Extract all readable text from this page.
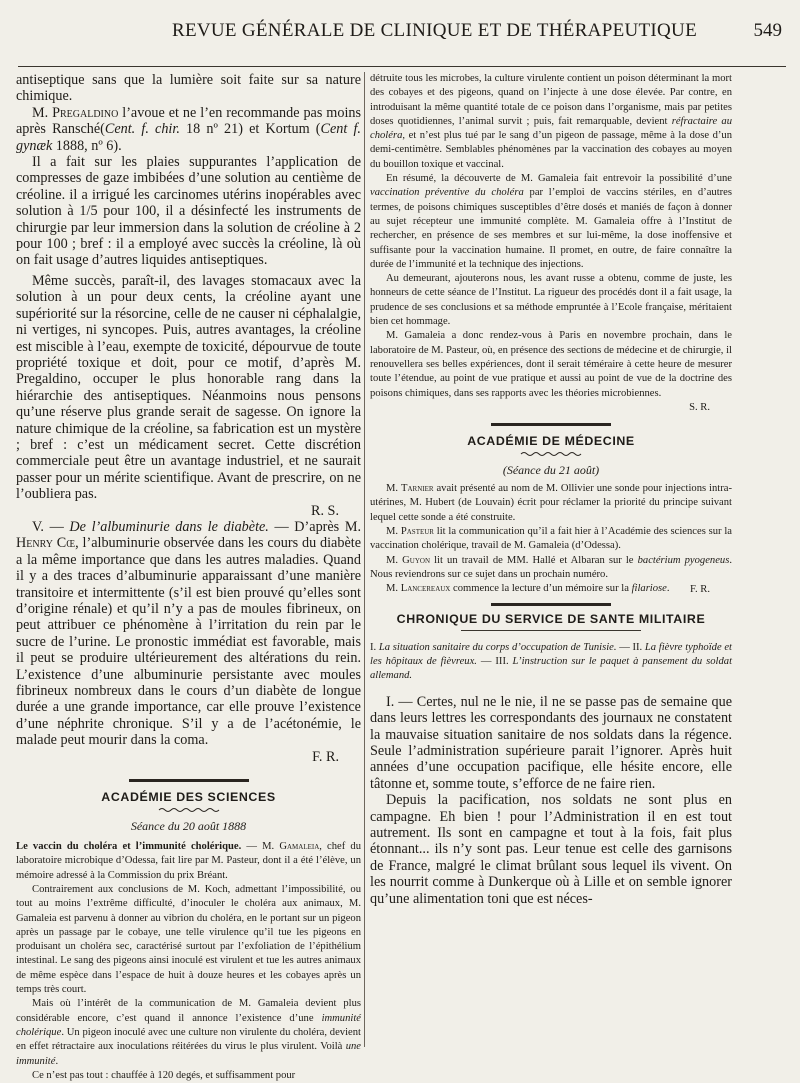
REVUE GÉNÉRALE DE CLINIQUE ET DE THÉRAPEUTIQUE	549

antiseptique sans que la lumière soit faite sur sa nature chimique.

M. Pregaldino l’avoue et ne l’en recommande pas moins après Ransché(Cent. f. chir. 18 nº 21) et Kortum (Cent f. gynæk 1888, nº 6).

Il a fait sur les plaies suppurantes l’application de compresses de gaze imbibées d’une solution au centième de créoline. il a irrigué les carcinomes utérins inopérables avec solution à 1/5 pour 100, il a désinfecté les instruments de chirurgie par leur immersion dans la solution de créoline à 2 pour 100 ; bref : il a employé avec succès la créoline, là où on fait usage d’autres liquides antiseptiques.

Même succès, paraît-il, des lavages stomacaux avec la solution à un pour deux cents, la créoline ayant une supériorité sur la résorcine, celle de ne causer ni céphalalgie, ni vertiges, ni syncopes. Puis, autres avantages, la créoline est miscible à l’eau, exempte de toxicité, dépourvue de toute propriété toxique et doit, pour ce motif, d’après M. Pregaldino, occuper le plus honorable rang dans la hiérarchie des antiseptiques. Néanmoins nous pensons qu’une réserve plus grande serait de sagesse. On ignore la nature chimique de la créoline, sa fabrication est un mystère ; bref : c’est un médicament secret. Cette discrétion commerciale peut être un avantage industriel, et ne saurait passer pour un mérite scientifique. Avant de prescrire, on ne l’oubliera pas.

R. S.

V. — De l’albuminurie dans le diabète. — D’après M. Henry Cœ, l’albuminurie observée dans les cours du diabète a la même importance que dans les autres maladies. Quand il y a des traces d’albuminurie apparaissant d’une manière transitoire et intermittente (s’il est bien prouvé qu’elles sont d’origine rénale) et qu’il n’y a pas de moules fibrineux, on peut attribuer ce phénomène à l’irritation du rein par le sucre de l’urine. Le pronostic immédiat est favorable, mais il peut se produire ultérieurement des altérations du rein. L’existence d’une albuminurie persistante avec moules fibrineux nombreux dans le cours d’un diabète de longue durée a une grande importance, car elle prouve l’existence d’une néphrite chronique. S’il y a de l’acétonémie, le malade peut mourir dans la coma.

F. R.

ACADÉMIE DES SCIENCES

Séance du 20 août 1888

Le vaccin du choléra et l’immunité cholérique. — M. Gamaleia, chef du laboratoire microbique d’Odessa, fait lire par M. Pasteur, dont il a été l’élève, un mémoire adressé à la Commission du prix Bréant.

Contrairement aux conclusions de M. Koch, admettant l’impossibilité, ou tout au moins l’extrême difficulté, d’inoculer le choléra aux animaux, M. Gamaleia est parvenu à donner au vibrion du choléra, en le portant sur un pigeon après un passage par le cobaye, une telle virulence qu’il tue les pigeons en produisant un choléra sec, caractérisé surtout par l’exfoliation de l’épithélium intestinal. Le sang des pigeons ainsi inoculé est virulent et tue les autres animaux de même espèce dans l’espace de huit à douze heures et les cobayes après un temps très court.

Mais où l’intérêt de la communication de M. Gamaleia devient plus considérable encore, c’est quand il annonce l’existence d’une immunité cholérique. Un pigeon inoculé avec une culture non virulente du choléra, devient en effet rétractaire aux inoculations réitérées du virus le plus virulent. Voilà une immunité.

Ce n’est pas tout : chauffée à 120 degés, et suffisamment pour

détruite tous les microbes, la culture virulente contient un poison déterminant la mort des cobayes et des pigeons, quand on l’injecte à une dose élevée. Par contre, en introduisant la même quantité totale de ce poison dans l’organisme, mais par petites doses quotidiennes, l’animal survit ; puis, fait remarquable, devient réfractaire au choléra, et n’est plus tué par le sang d’un pigeon de passage, même à la dose d’un demi-centimètre. Semblables phénomènes par la vaccination des cobayes au moyen du bouillon toxique et vaccinal.

En résumé, la découverte de M. Gamaleia fait entrevoir la possibilité d’une vaccination préventive du choléra par l’emploi de vaccins stériles, en d’autres termes, de poisons chimiques susceptibles d’être dosés et maniés de façon à donner au sujet récepteur une immunité complète. M. Gamaleia offre à l’Institut de rechercher, en présence de ses membres et sur lui-même, la dose inoffensive et suffisante pour la vaccination humaine. Il promet, en outre, de faire connaître la durée de l’immunité et la technique des injections.

Au demeurant, ajouterons nous, les avant russe a obtenu, comme de juste, les honneurs de cette séance de l’Institut. La rigueur des procédés dont il a fait usage, la prudence de ses conclusions et sa méthode empruntée à l’Ecole française, méritaient bien cet hommage.

M. Gamaleia a donc rendez-vous à Paris en novembre prochain, dans le laboratoire de M. Pasteur, où, en présence des sections de médecine et de chirurgie, il renouvellera ses belles expériences, dont il serait téméraire à cette heure de mesurer toute l’étendue, au point de vue pratique et aussi au point de vue de la doctrine des poisons chimiques, dans ses rapports avec les théories microbiennes.

S. R.

ACADÉMIE DE MÉDECINE

(Séance du 21 août)

M. Tarnier avait présenté au nom de M. Ollivier une sonde pour injections intra-utérines, M. Hubert (de Louvain) écrit pour réclamer la priorité du principe suivant lequel cette sonde a été construite.

M. Pasteur lit la communication qu’il a fait hier à l’Académie des sciences sur la vaccination cholérique, travail de M. Gamaleia (d’Odessa).

M. Guyon lit un travail de MM. Hallé et Albaran sur le bactérium pyogeneus. Nous reviendrons sur ce sujet dans un prochain numéro.

M. Lancereaux commence la lecture d’un mémoire sur la filariose.	F. R.

CHRONIQUE DU SERVICE DE SANTE MILITAIRE

I. La situation sanitaire du corps d’occupation de Tunisie. — II. La fièvre typhoïde et les hôpitaux de fièvreux. — III. L’instruction sur le paquet à pansement du soldat allemand.

I. — Certes, nul ne le nie, il ne se passe pas de semaine que dans leurs lettres les correspondants des journaux ne constatent la mauvaise situation sanitaire de nos soldats dans la régence. Seule l’administration supérieure parait l’ignorer. Après huit années d’une occupation pacifique, elle hésite encore, elle tâtonne et, somme toute, s’efforce de ne faire rien.

Depuis la pacification, nos soldats ne sont plus en campagne. Eh bien ! pour l’Administration il en est tout autrement. Ils sont en campagne et tout à la fois, fait plus étonnant... ils n’y sont pas. Leur tenue est celle des garnisons de France, malgré le climat brûlant sous lequel ils vivent. On les nourrit comme à Dunkerque où à Lille et on semble ignorer qu’une alimentation toni que est néces-
